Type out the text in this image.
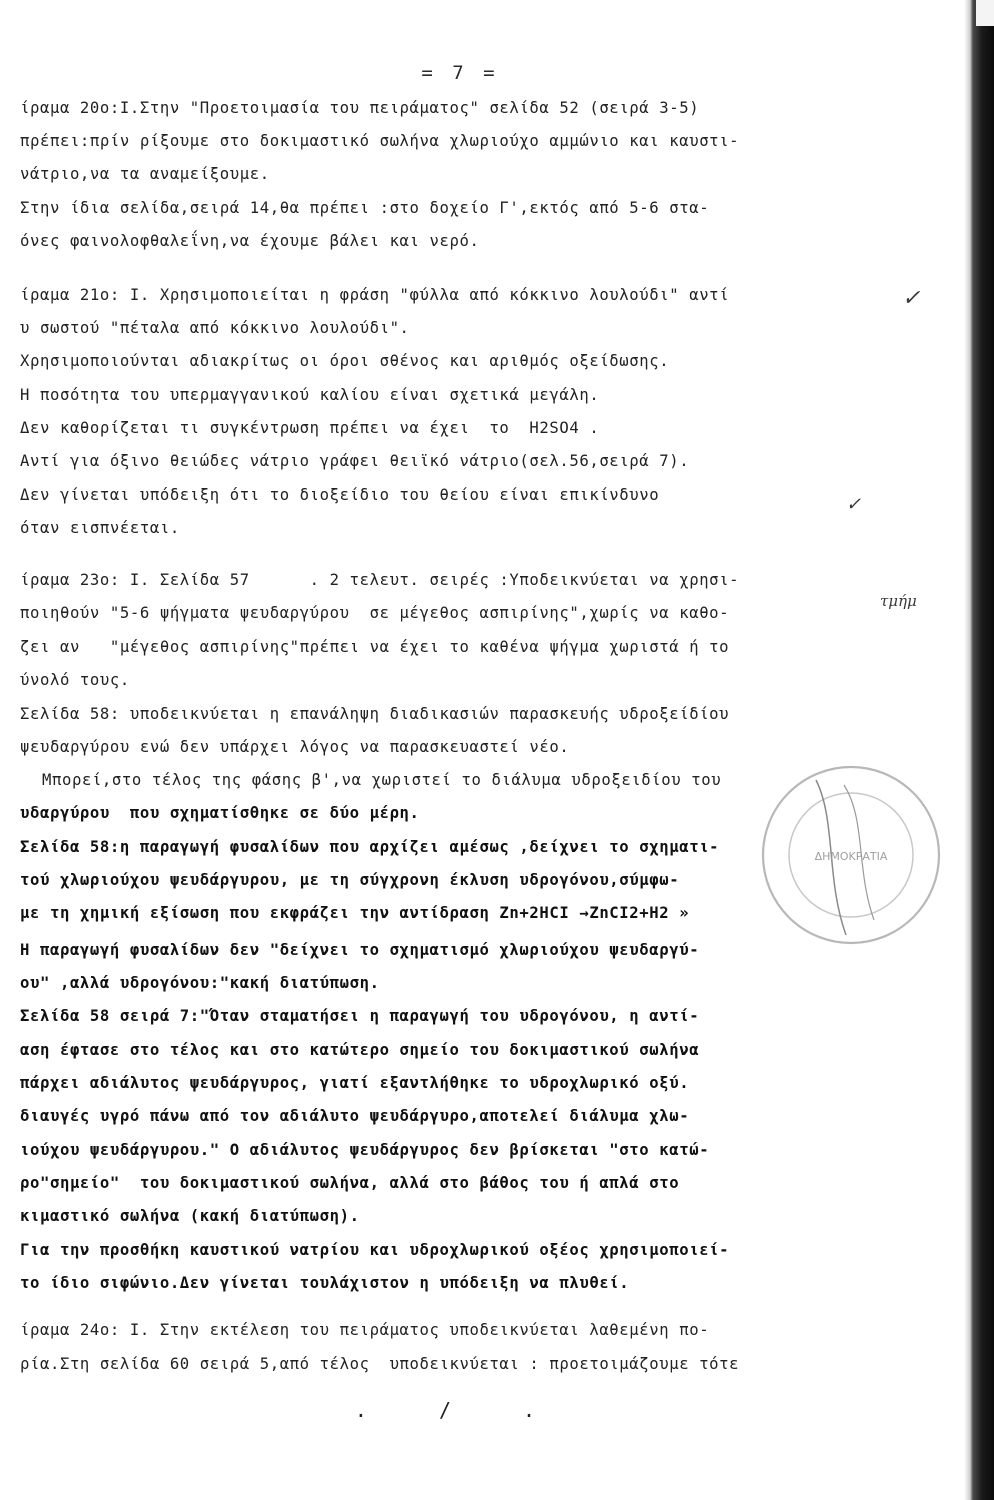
= 7 =
ίραμα 20ο:Ι.Στην "Προετοιμασία του πειράματος" σελίδα 52 (σειρά 3-5)
πρέπει:πρίν ρίξουμε στο δοκιμαστικό σωλήνα χλωριούχο αμμώνιο και καυστι-
νάτριο,να τα αναμείξουμε.
Στην ίδια σελίδα,σειρά 14,θα πρέπει :στο δοχείο Γ',εκτός από 5-6 στα-
όνες φαινολοφθαλεΐνη,να έχουμε βάλει και νερό.
ίραμα 21ο: Ι. Χρησιμοποιείται η φράση "φύλλα από κόκκινο λουλούδι" αντί
υ σωστού "πέταλα από κόκκινο λουλούδι".
Χρησιμοποιούνται αδιακρίτως οι όροι σθένος και αριθμός οξείδωσης.
Η ποσότητα του υπερμαγγανικού καλίου είναι σχετικά μεγάλη.
Δεν καθορίζεται τι συγκέντρωση πρέπει να έχει  το  H2SO4 .
Αντί για όξινο θειώδες νάτριο γράφει θειϊκό νάτριο(σελ.56,σειρά 7).
Δεν γίνεται υπόδειξη ότι το διοξείδιο του θείου είναι επικίνδυνο
όταν εισπνέεται.
ίραμα 23ο: Ι. Σελίδα 57      . 2 τελευτ. σειρές :Υποδεικνύεται να χρησι-
ποιηθούν "5-6 ψήγματα ψευδαργύρου  σε μέγεθος ασπιρίνης",χωρίς να καθο-
ζει αν   "μέγεθος ασπιρίνης"πρέπει να έχει το καθένα ψήγμα χωριστά ή το
ύνολό τους.
Σελίδα 58: υποδεικνύεται η επανάληψη διαδικασιών παρασκευής υδροξείδίου
ψευδαργύρου ενώ δεν υπάρχει λόγος να παρασκευαστεί νέο.
Μπορεί,στο τέλος της φάσης β',να χωριστεί το διάλυμα υδροξειδίου του
υδαργύρου  που σχηματίσθηκε σε δύο μέρη.
Σελίδα 58:η παραγωγή φυσαλίδων που αρχίζει αμέσως ,δείχνει το σχηματι-
τού χλωριούχου ψευδάργυρου, με τη σύγχρονη έκλυση υδρογόνου,σύμφω-
με τη χημική εξίσωση που εκφράζει την αντίδραση Zn+2HCI →ZnCI2+H2 »
Η παραγωγή φυσαλίδων δεν "δείχνει το σχηματισμό χλωριούχου ψευδαργύ-
ου" ,αλλά υδρογόνου:"κακή διατύπωση.
Σελίδα 58 σειρά 7:"Όταν σταματήσει η παραγωγή του υδρογόνου, η αντί-
αση έφτασε στο τέλος και στο κατώτερο σημείο του δοκιμαστικού σωλήνα
πάρχει αδιάλυτος ψευδάργυρος, γιατί εξαντλήθηκε το υδροχλωρικό οξύ.
διαυγές υγρό πάνω από τον αδιάλυτο ψευδάργυρο,αποτελεί διάλυμα χλω-
ιούχου ψευδάργυρου." Ο αδιάλυτος ψευδάργυρος δεν βρίσκεται "στο κατώ-
ρο"σημείο"  του δοκιμαστικού σωλήνα, αλλά στο βάθος του ή απλά στο
κιμαστικό σωλήνα (κακή διατύπωση).
Για την προσθήκη καυστικού νατρίου και υδροχλωρικού οξέος χρησιμοποιεί-
το ίδιο σιφώνιο.Δεν γίνεται τουλάχιστον η υπόδειξη να πλυθεί.
ίραμα 24ο: Ι. Στην εκτέλεση του πειράματος υποδεικνύεται λαθεμένη πο-
ρία.Στη σελίδα 60 σειρά 5,από τέλος  υποδεικνύεται : προετοιμάζουμε τότε
ΔΗΜΟΚΡΑΤΙΑ
τμήμ
✓
✓
. / .
